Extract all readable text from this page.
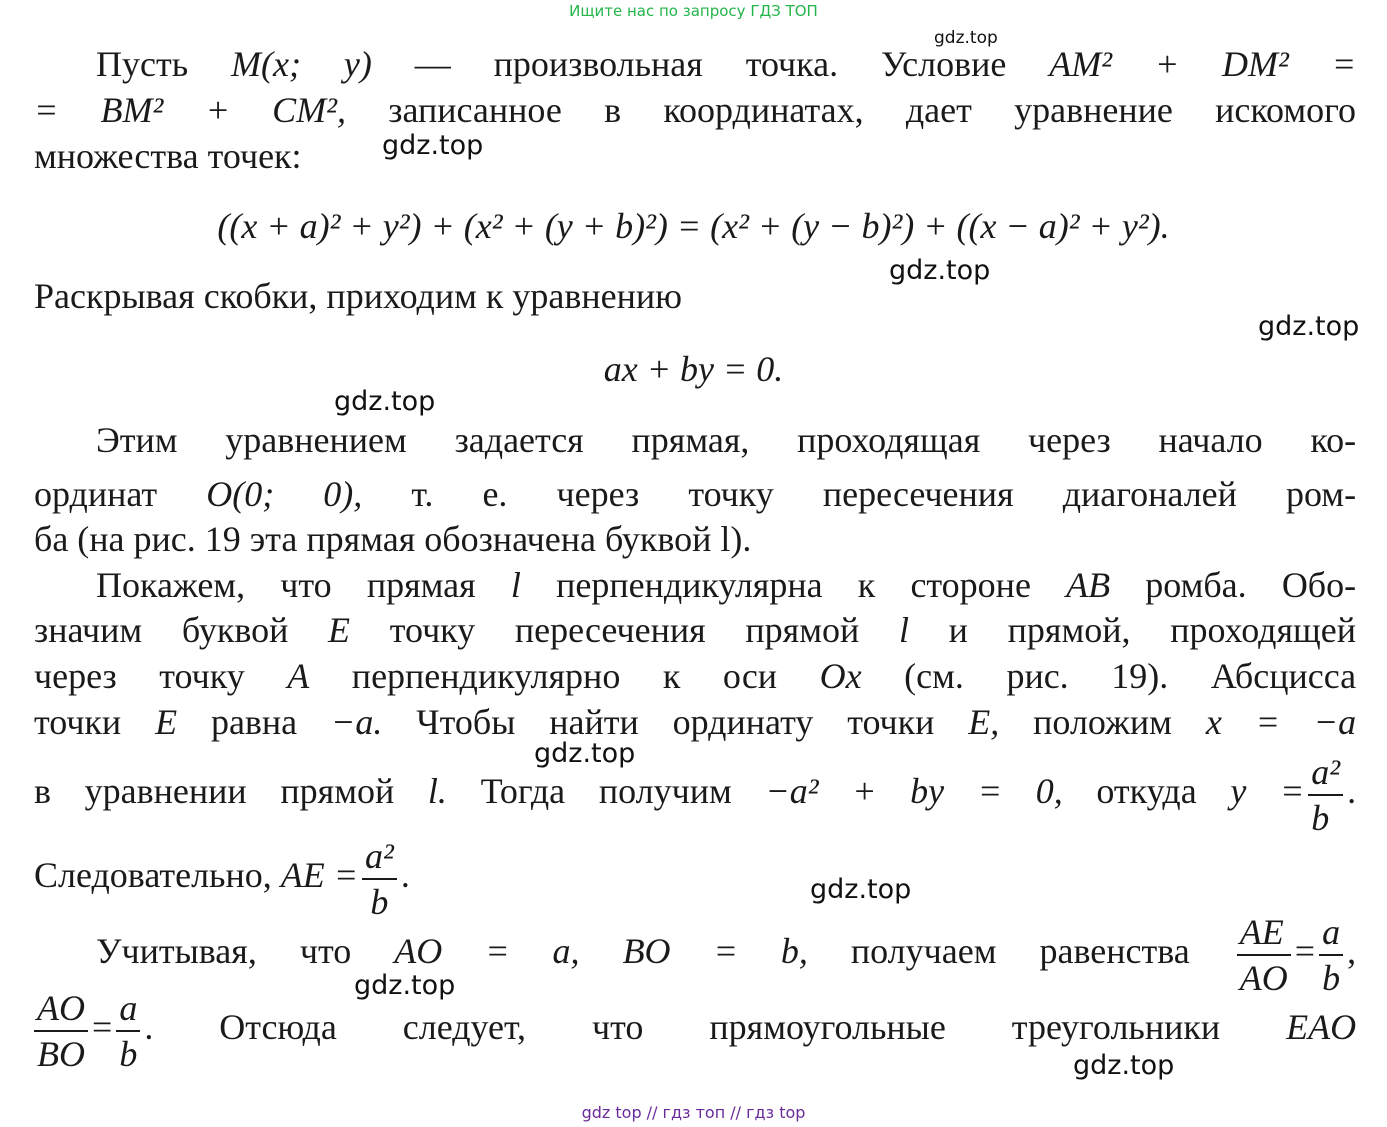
Ищите нас по запросу ГДЗ ТОП
Пусть M(x; y) — произвольная точка. Условие AM² + DM² =
= BM² + CM², записанное в координатах, дает уравнение искомого
множества точек:
((x + a)² + y²) + (x² + (y + b)²) = (x² + (y − b)²) + ((x − a)² + y²).
Раскрывая скобки, приходим к уравнению
ax + by = 0.
Этим уравнением задается прямая, проходящая через начало ко-
ординат O(0; 0), т. е. через точку пересечения диагоналей ром-
ба (на рис. 19 эта прямая обозначена буквой l).
Покажем, что прямая l перпендикулярна к стороне AB ромба. Обо-
значим буквой E точку пересечения прямой l и прямой, проходящей
через точку A перпендикулярно к оси Ox (см. рис. 19). Абсцисса
точки E равна −a. Чтобы найти ординату точки E, положим x = −a
в уравнении прямой l. Тогда получим −a² + by = 0, откуда $y = \frac{\text{a²}}{b}$ .
Следовательно, AE = $\frac{\text{a²}}{b}$ .
Учитывая, что AO = a, BO = b, получаем равенства $\frac{AE}{AO} = \frac{a}{b}$ ,
$\frac{AO}{BO} = \frac{a}{b}$ . Отсюда следует, что прямоугольные треугольники EAO
gdz.top
gdz.top
gdz.top
gdz.top
gdz.top
gdz.top
gdz.top
gdz.top
gdz.top
gdz top // гдз топ // гдз top
